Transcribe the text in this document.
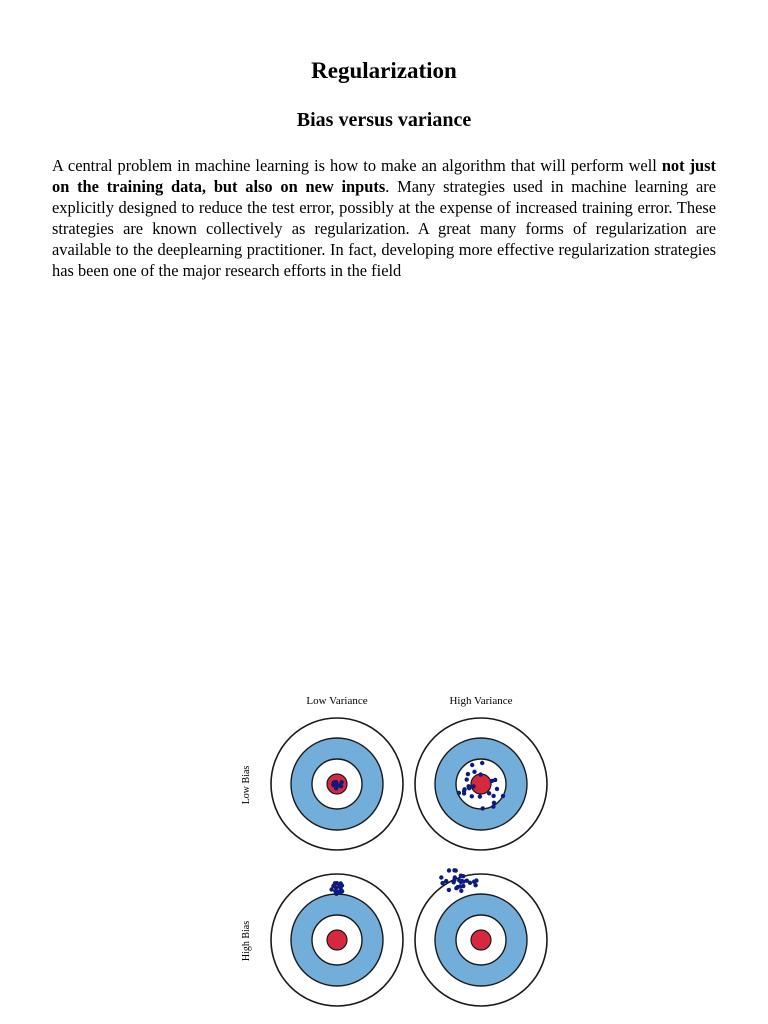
Regularization
Bias versus variance

A central problem in machine learning is how to make an algorithm that will perform well not just on the training data, but also on new inputs. Many strategies used in machine learning are explicitly designed to reduce the test error, possibly at the expense of increased training error. These strategies are known collectively as regularization. A great many forms of regularization are available to the deeplearning practitioner. In fact, developing more effective regularization strategies has been one of the major research efforts in the field

Low Variance	High Variance
Low Bias
High Bias
